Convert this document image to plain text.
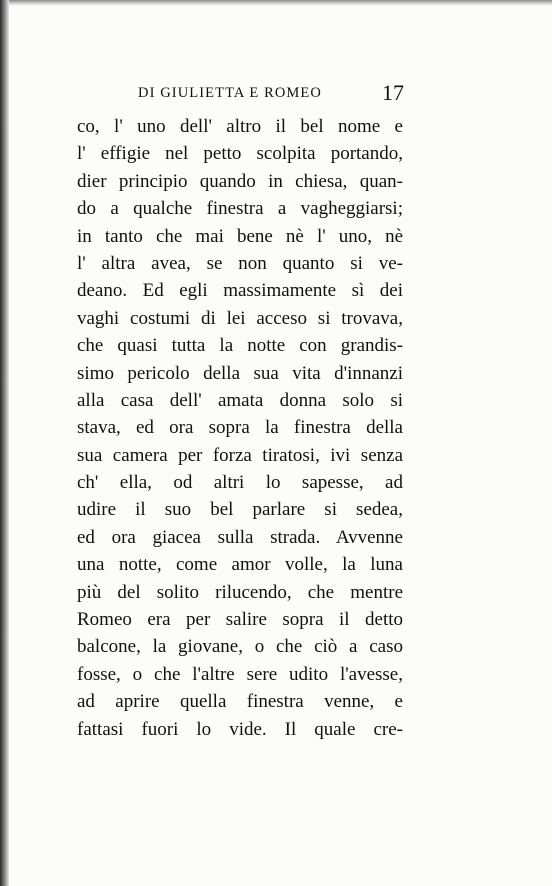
DI GIULIETTA E ROMEO	17
co, l' uno dell' altro il bel nome e
l' effigie nel petto scolpita portando,
dier principio quando in chiesa, quan-
do a qualche finestra a vagheggiarsi;
in tanto che mai bene nè l' uno, nè
l' altra avea, se non quanto si ve-
deano. Ed egli massimamente sì dei
vaghi costumi di lei acceso si trovava,
che quasi tutta la notte con grandis-
simo pericolo della sua vita d'innanzi
alla casa dell' amata donna solo si
stava, ed ora sopra la finestra della
sua camera per forza tiratosi, ivi senza
ch' ella, od altri lo sapesse, ad
udire il suo bel parlare si sedea,
ed ora giacea sulla strada. Avvenne
una notte, come amor volle, la luna
più del solito rilucendo, che mentre
Romeo era per salire sopra il detto
balcone, la giovane, o che ciò a caso
fosse, o che l'altre sere udito l'avesse,
ad aprire quella finestra venne, e
fattasi fuori lo vide. Il quale cre-
